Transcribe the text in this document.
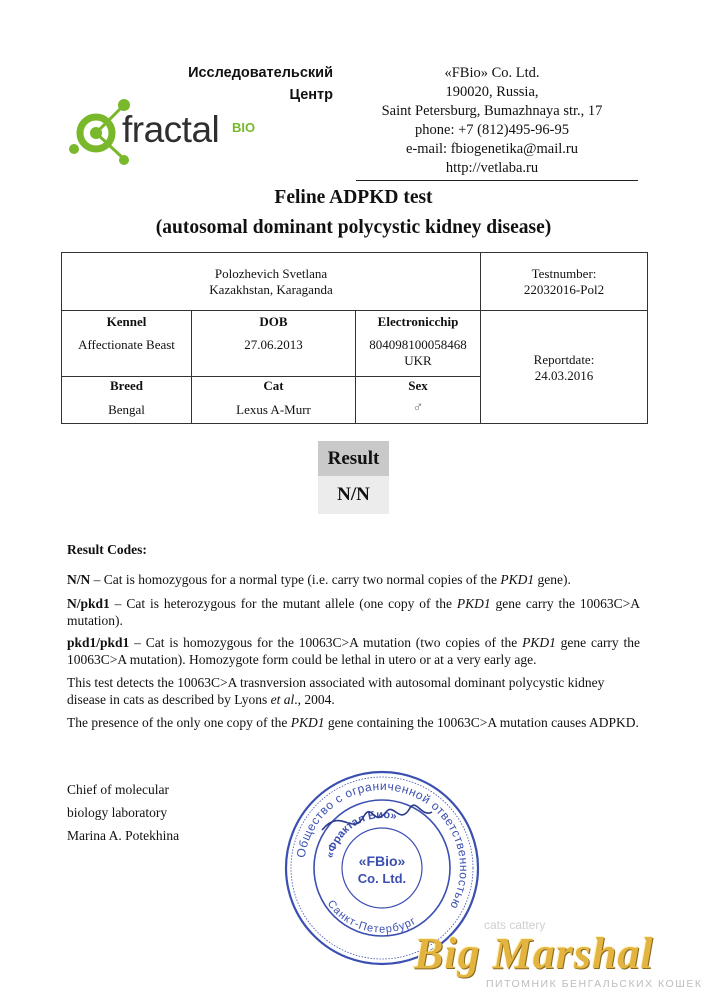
Исследовательский
Центр
fractal BIO
«FBio» Co. Ltd.
190020, Russia,
Saint Petersburg, Bumazhnaya str., 17
phone: +7 (812)495-96-95
e-mail: fbiogenetika@mail.ru
http://vetlaba.ru
Feline ADPKD test
(autosomal dominant polycystic kidney disease)
Polozhevich Svetlana
Kazakhstan, Karaganda
Testnumber:
22032016-Pol2
Kennel
Affectionate Beast
DOB
27.06.2013
Electronicchip
804098100058468
UKR	Reportdate:
24.03.2016
Breed
Bengal
Cat
Lexus A-Murr
Sex
♂
Result
N/N
Result Codes:
N/N – Cat is homozygous for a normal type (i.e. carry two normal copies of the PKD1 gene).
N/pkd1 – Cat is heterozygous for the mutant allele (one copy of the PKD1 gene carry the 10063C>A mutation).
pkd1/pkd1 – Cat is homozygous for the 10063C>A mutation (two copies of the PKD1 gene carry the 10063C>A mutation). Homozygote form could be lethal in utero or at a very early age.
This test detects the 10063C>A trasnversion associated with autosomal dominant polycystic kidney disease in cats as described by Lyons et al., 2004.
The presence of the only one copy of the PKD1 gene containing the 10063C>A mutation causes ADPKD.
Chief of molecular
biology laboratory
Marina A. Potekhina
Общество с ограниченной ответственностью
Санкт-Петербург
«Фрактал Био»
«FBio»
Co. Ltd.
cats cattery
Big Marshal
ПИТОМНИК БЕНГАЛЬСКИХ КОШЕК
